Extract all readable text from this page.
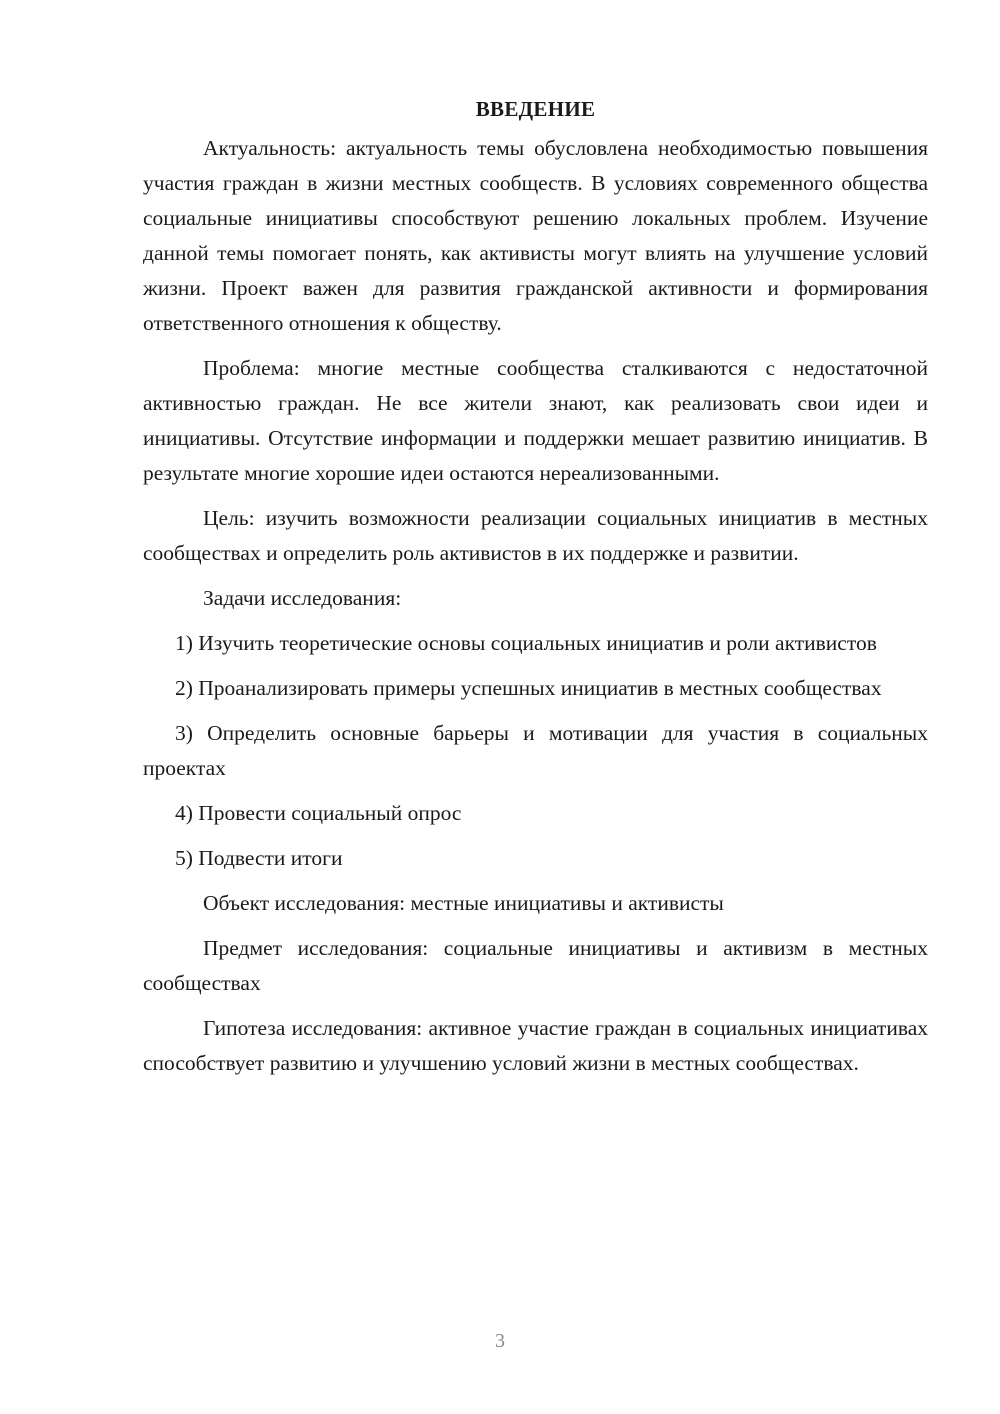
ВВЕДЕНИЕ

Актуальность: актуальность темы обусловлена необходимостью повышения участия граждан в жизни местных сообществ. В условиях современного общества социальные инициативы способствуют решению локальных проблем. Изучение данной темы помогает понять, как активисты могут влиять на улучшение условий жизни. Проект важен для развития гражданской активности и формирования ответственного отношения к обществу.

Проблема: многие местные сообщества сталкиваются с недостаточной активностью граждан. Не все жители знают, как реализовать свои идеи и инициативы. Отсутствие информации и поддержки мешает развитию инициатив. В результате многие хорошие идеи остаются нереализованными.

Цель: изучить возможности реализации социальных инициатив в местных сообществах и определить роль активистов в их поддержке и развитии.

Задачи исследования:

1) Изучить теоретические основы социальных инициатив и роли активистов

2) Проанализировать примеры успешных инициатив в местных сообществах

3) Определить основные барьеры и мотивации для участия в социальных проектах

4) Провести социальный опрос

5) Подвести итоги

Объект исследования: местные инициативы и активисты

Предмет исследования: социальные инициативы и активизм в местных сообществах

Гипотеза исследования: активное участие граждан в социальных инициативах способствует развитию и улучшению условий жизни в местных сообществах.

3
